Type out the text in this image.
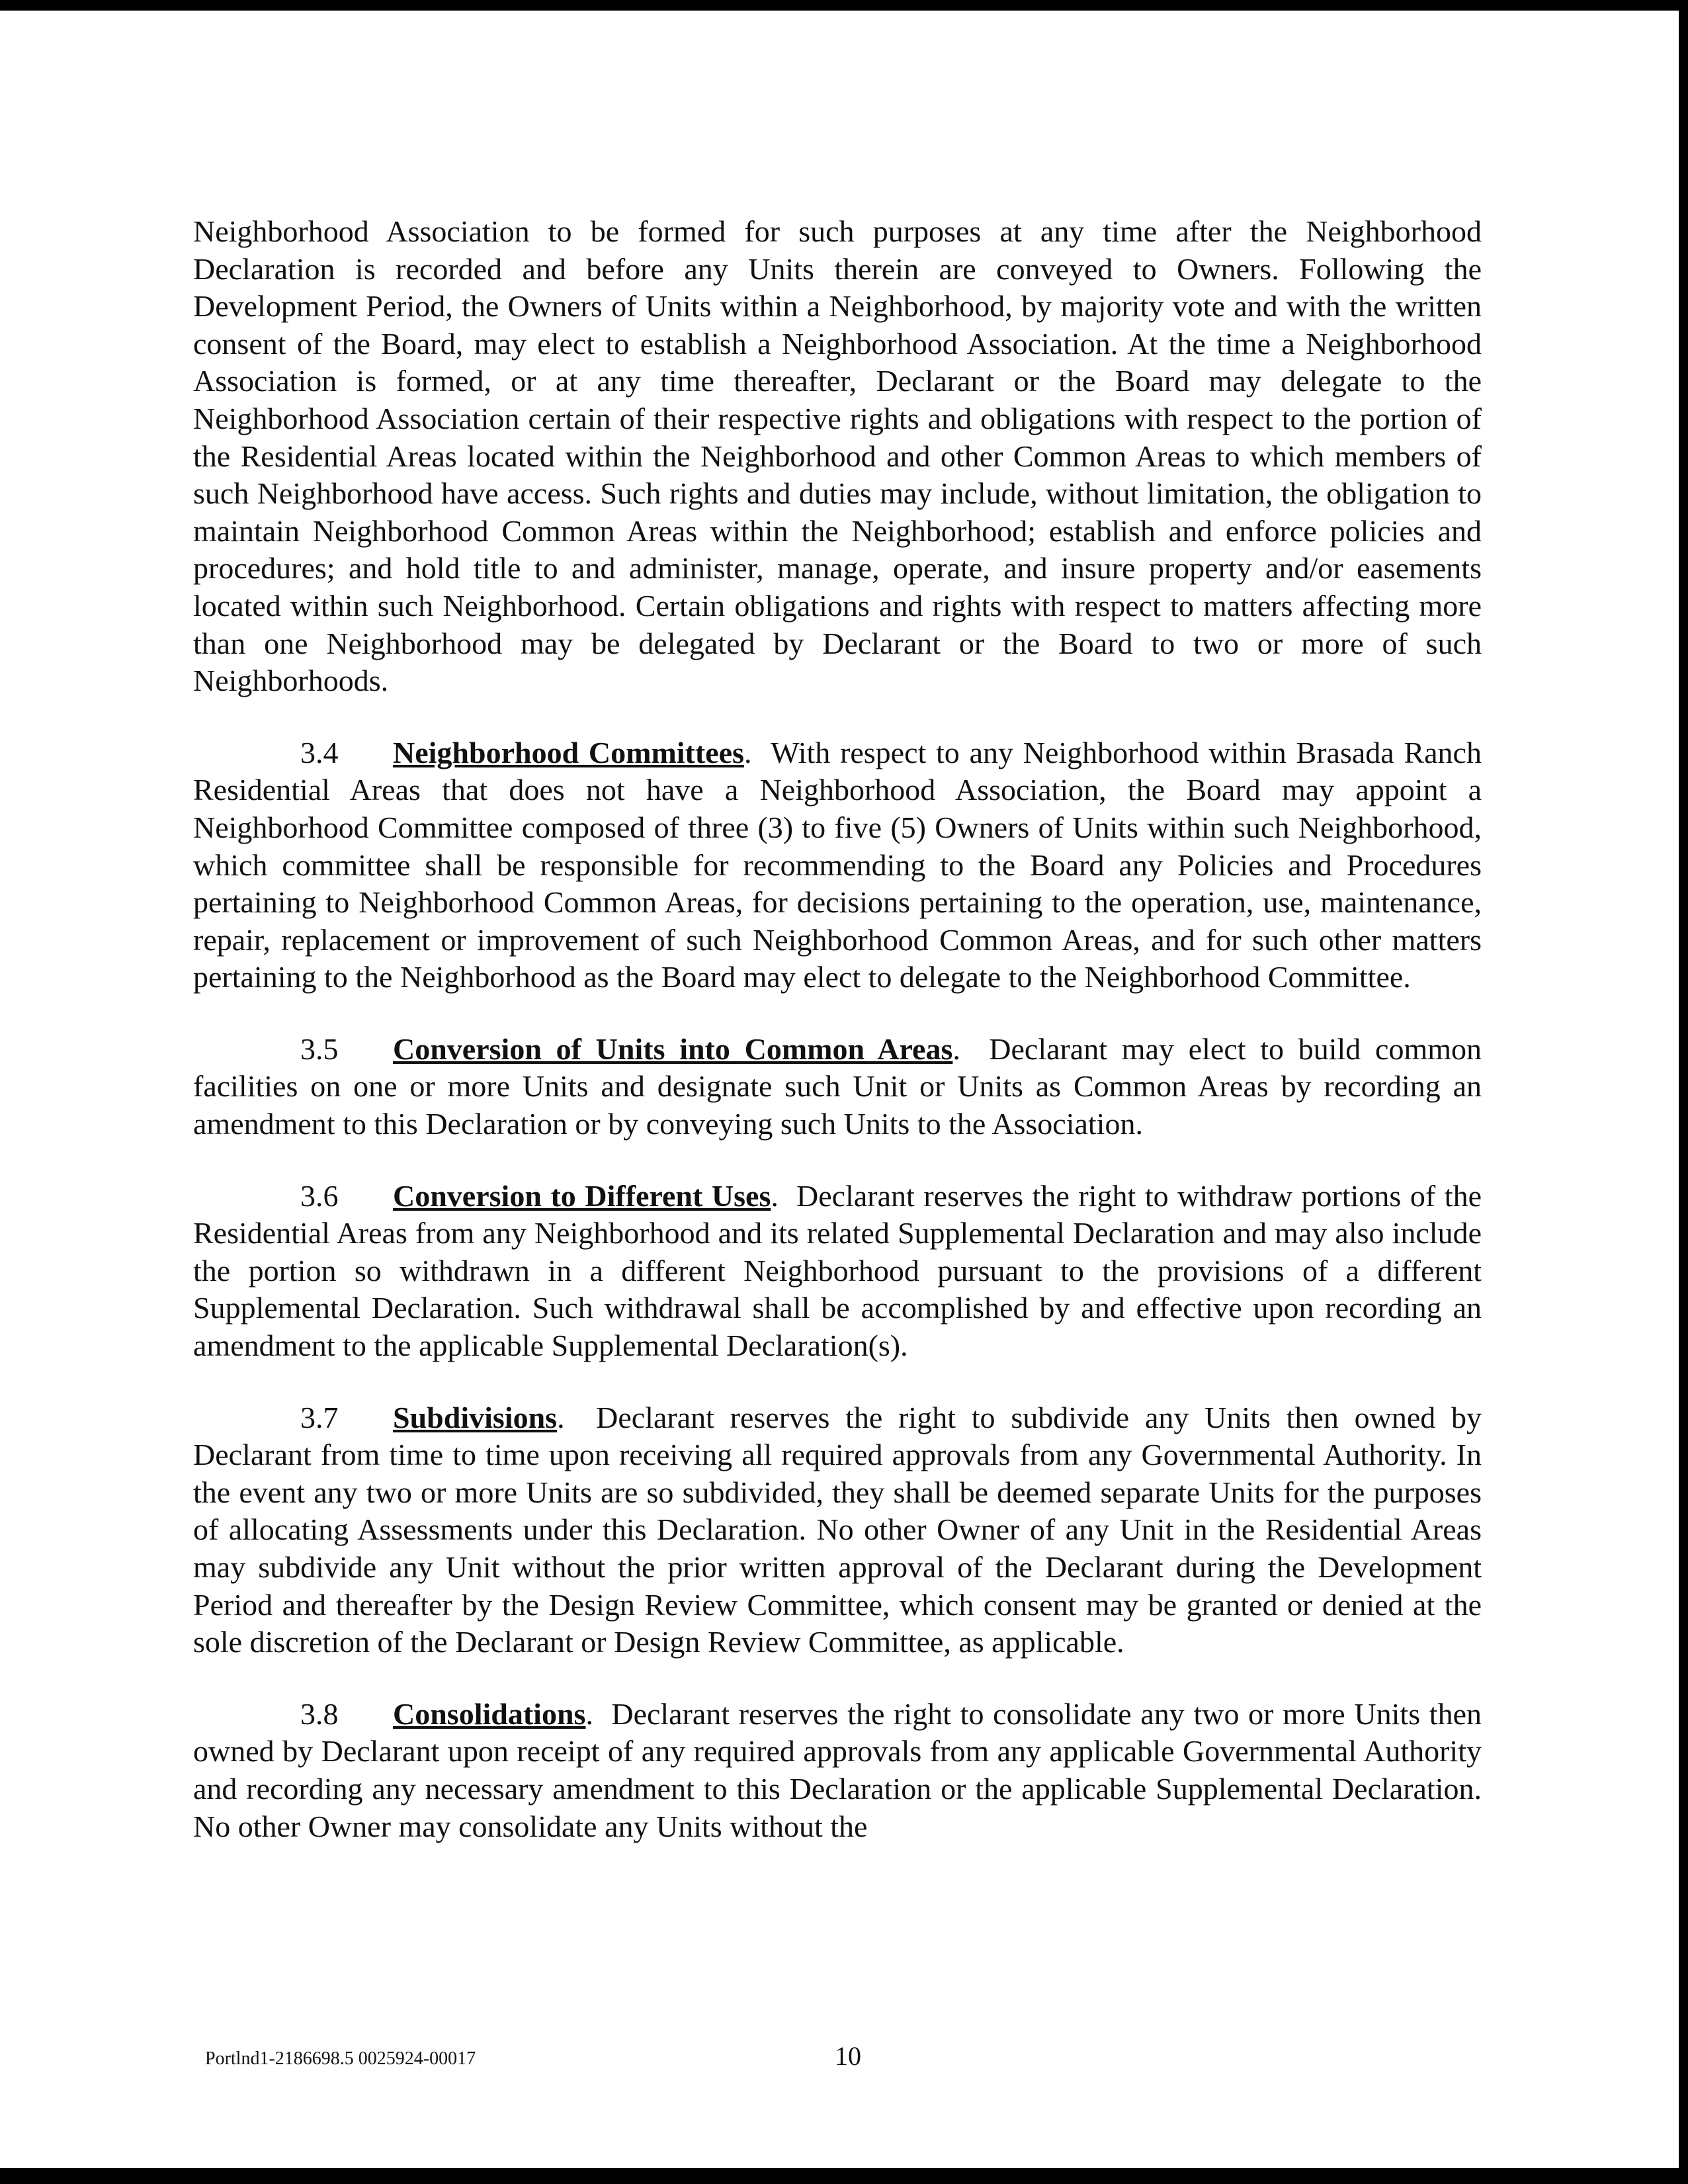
Neighborhood Association to be formed for such purposes at any time after the Neighborhood Declaration is recorded and before any Units therein are conveyed to Owners. Following the Development Period, the Owners of Units within a Neighborhood, by majority vote and with the written consent of the Board, may elect to establish a Neighborhood Association. At the time a Neighborhood Association is formed, or at any time thereafter, Declarant or the Board may delegate to the Neighborhood Association certain of their respective rights and obligations with respect to the portion of the Residential Areas located within the Neighborhood and other Common Areas to which members of such Neighborhood have access. Such rights and duties may include, without limitation, the obligation to maintain Neighborhood Common Areas within the Neighborhood; establish and enforce policies and procedures; and hold title to and administer, manage, operate, and insure property and/or easements located within such Neighborhood. Certain obligations and rights with respect to matters affecting more than one Neighborhood may be delegated by Declarant or the Board to two or more of such Neighborhoods.

3.4 Neighborhood Committees. With respect to any Neighborhood within Brasada Ranch Residential Areas that does not have a Neighborhood Association, the Board may appoint a Neighborhood Committee composed of three (3) to five (5) Owners of Units within such Neighborhood, which committee shall be responsible for recommending to the Board any Policies and Procedures pertaining to Neighborhood Common Areas, for decisions pertaining to the operation, use, maintenance, repair, replacement or improvement of such Neighborhood Common Areas, and for such other matters pertaining to the Neighborhood as the Board may elect to delegate to the Neighborhood Committee.

3.5 Conversion of Units into Common Areas. Declarant may elect to build common facilities on one or more Units and designate such Unit or Units as Common Areas by recording an amendment to this Declaration or by conveying such Units to the Association.

3.6 Conversion to Different Uses. Declarant reserves the right to withdraw portions of the Residential Areas from any Neighborhood and its related Supplemental Declaration and may also include the portion so withdrawn in a different Neighborhood pursuant to the provisions of a different Supplemental Declaration. Such withdrawal shall be accomplished by and effective upon recording an amendment to the applicable Supplemental Declaration(s).

3.7 Subdivisions. Declarant reserves the right to subdivide any Units then owned by Declarant from time to time upon receiving all required approvals from any Governmental Authority. In the event any two or more Units are so subdivided, they shall be deemed separate Units for the purposes of allocating Assessments under this Declaration. No other Owner of any Unit in the Residential Areas may subdivide any Unit without the prior written approval of the Declarant during the Development Period and thereafter by the Design Review Committee, which consent may be granted or denied at the sole discretion of the Declarant or Design Review Committee, as applicable.

3.8 Consolidations. Declarant reserves the right to consolidate any two or more Units then owned by Declarant upon receipt of any required approvals from any applicable Governmental Authority and recording any necessary amendment to this Declaration or the applicable Supplemental Declaration. No other Owner may consolidate any Units without the

Portlnd1-2186698.5 0025924-00017	10
